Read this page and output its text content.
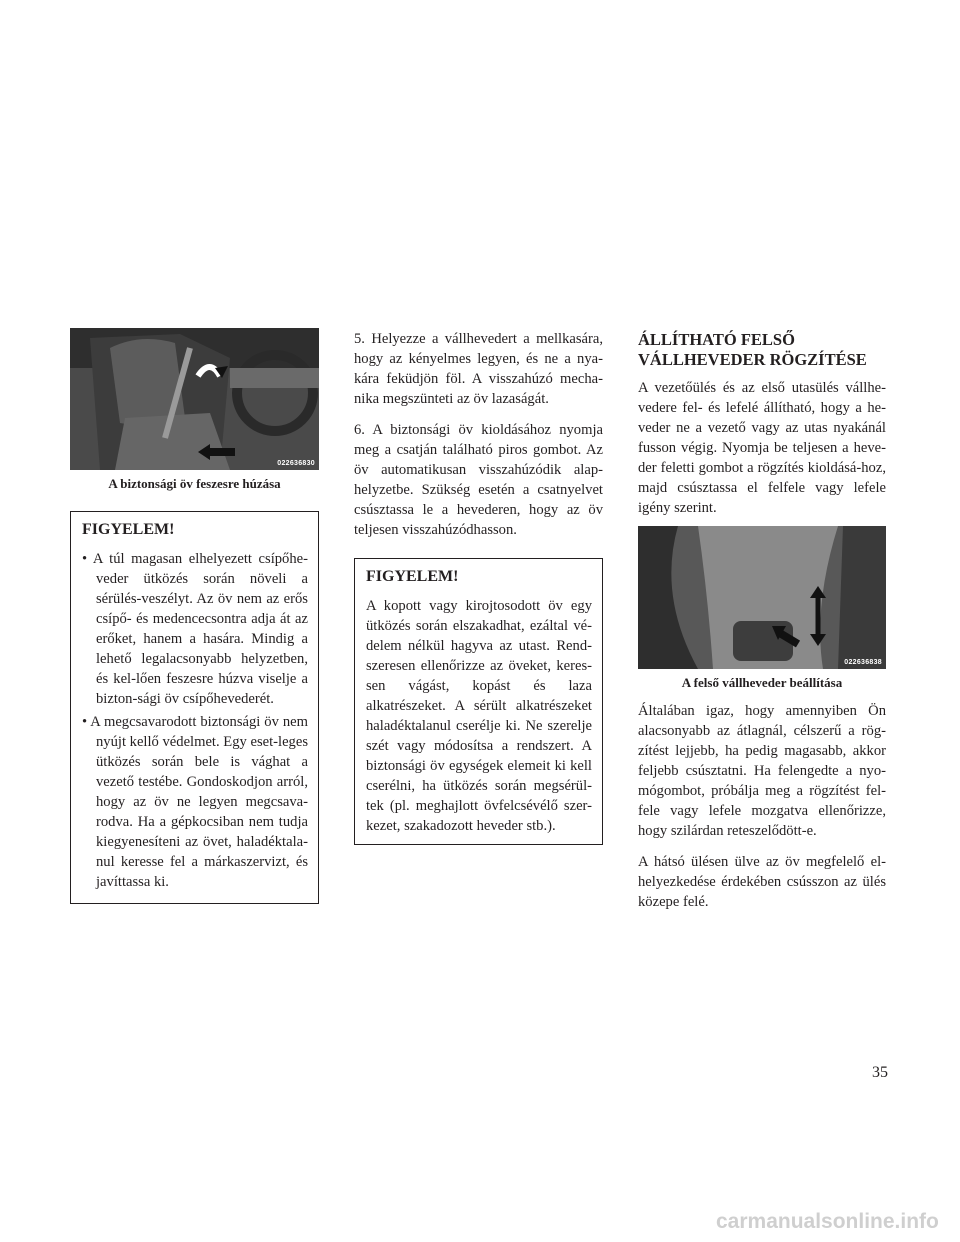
022636830
A biztonsági öv feszesre húzása
FIGYELEM!
• A túl magasan elhelyezett csípőhe-veder ütközés során növeli a sérülés-veszélyt. Az öv nem az erős csípő- és medencecsontra adja át az erőket, hanem a hasára. Mindig a lehető legalacsonyabb helyzetben, és kel-lően feszesre húzva viselje a bizton-sági öv csípőhevederét.
• A megcsavarodott biztonsági öv nem nyújt kellő védelmet. Egy eset-leges ütközés során bele is vághat a vezető testébe. Gondoskodjon arról, hogy az öv ne legyen megcsava-rodva. Ha a gépkocsiban nem tudja kiegyenesíteni az övet, haladéktala-nul keresse fel a márkaszervizt, és javíttassa ki.

5. Helyezze a vállhevedert a mellkasára, hogy az kényelmes legyen, és ne a nya-kára feküdjön föl. A visszahúzó mecha-nika megszünteti az öv lazaságát.

6. A biztonsági öv kioldásához nyomja meg a csatján található piros gombot. Az öv automatikusan visszahúzódik alap-helyzetbe. Szükség esetén a csatnyelvet csúsztassa le a hevederen, hogy az öv teljesen visszahúzódhasson.

FIGYELEM!

A kopott vagy kirojtosodott öv egy ütközés során elszakadhat, ezáltal vé-delem nélkül hagyva az utast. Rend-szeresen ellenőrizze az öveket, keres-sen vágást, kopást és laza alkatrészeket. A sérült alkatrészeket haladéktalanul cserélje ki. Ne szerelje szét vagy módosítsa a rendszert. A biztonsági öv egységek elemeit ki kell cserélni, ha ütközés során megsérül-tek (pl. meghajlott övfelcsévélő szer-kezet, szakadozott heveder stb.).

ÁLLÍTHATÓ FELSŐ
VÁLLHEVEDER RÖGZÍTÉSE

A vezetőülés és az első utasülés vállhe-vedere fel- és lefelé állítható, hogy a he-veder ne a vezető vagy az utas nyakánál fusson végig. Nyomja be teljesen a heve-der feletti gombot a rögzítés kioldásá-hoz, majd csúsztassa el felfele vagy lefele igény szerint.

022636838
A felső vállheveder beállítása

Általában igaz, hogy amennyiben Ön alacsonyabb az átlagnál, célszerű a rög-zítést lejjebb, ha pedig magasabb, akkor feljebb csúsztatni. Ha felengedte a nyo-mógombot, próbálja meg a rögzítést fel-fele vagy lefele mozgatva ellenőrizze, hogy szilárdan reteszelődött-e.

A hátsó ülésen ülve az öv megfelelő el-helyezkedése érdekében csússzon az ülés közepe felé.

35
carmanualsonline.info
